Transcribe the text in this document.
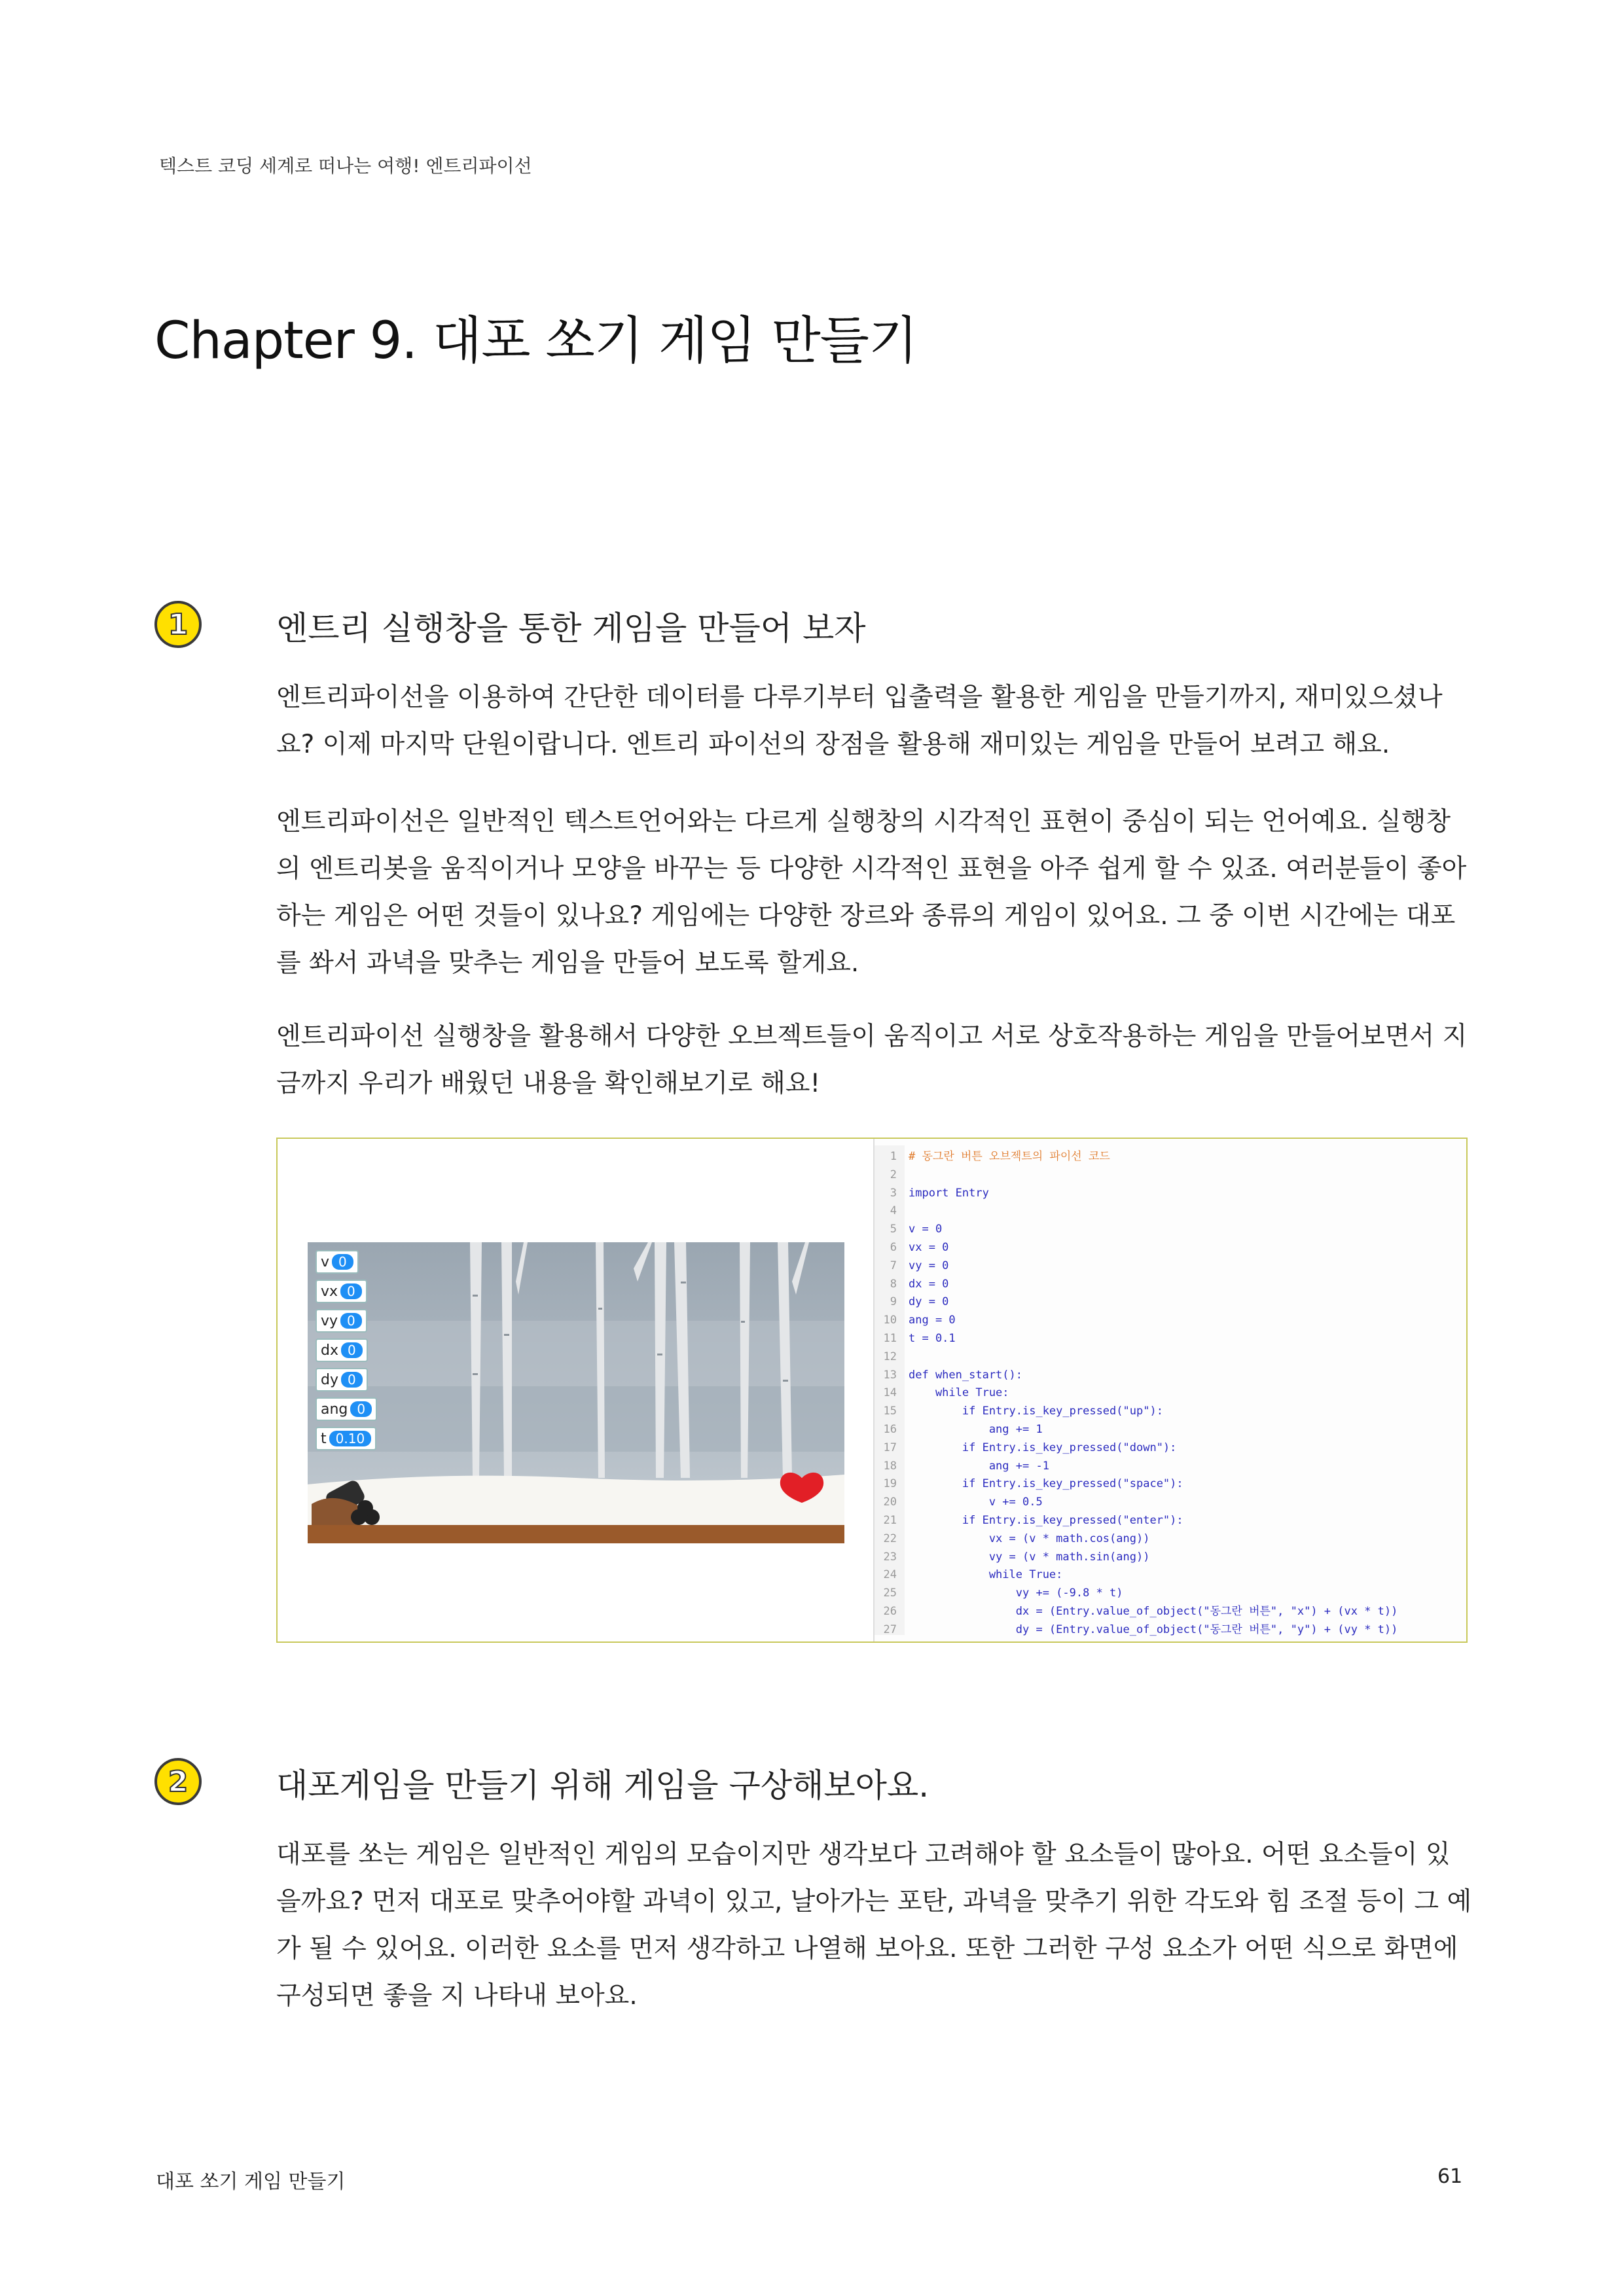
텍스트 코딩 세계로 떠나는 여행! 엔트리파이선
Chapter 9. 대포 쏘기 게임 만들기
1	엔트리 실행창을 통한 게임을 만들어 보자

엔트리파이선을 이용하여 간단한 데이터를 다루기부터 입출력을 활용한 게임을 만들기까지, 재미있으셨나요? 이제 마지막 단원이랍니다. 엔트리 파이선의 장점을 활용해 재미있는 게임을 만들어 보려고 해요.

엔트리파이선은 일반적인 텍스트언어와는 다르게 실행창의 시각적인 표현이 중심이 되는 언어예요. 실행창의 엔트리봇을 움직이거나 모양을 바꾸는 등 다양한 시각적인 표현을 아주 쉽게 할 수 있죠. 여러분들이 좋아하는 게임은 어떤 것들이 있나요? 게임에는 다양한 장르와 종류의 게임이 있어요. 그 중 이번 시간에는 대포를 쏴서 과녁을 맞추는 게임을 만들어 보도록 할게요.

엔트리파이선 실행창을 활용해서 다양한 오브젝트들이 움직이고 서로 상호작용하는 게임을 만들어보면서 지금까지 우리가 배웠던 내용을 확인해보기로 해요!

v 0
vx 0
vy 0
dx 0
dy 0
ang 0
t 0.10
1 # 동그란 버튼 오브젝트의 파이선 코드
2
3 import Entry
4
5 v = 0
6 vx = 0
7 vy = 0
8 dx = 0
9 dy = 0
10 ang = 0
11 t = 0.1
12
13 def when_start():
14 while True:
15 if Entry.is_key_pressed("up"):
16 ang += 1
17 if Entry.is_key_pressed("down"):
18 ang += -1
19 if Entry.is_key_pressed("space"):
20 v += 0.5
21 if Entry.is_key_pressed("enter"):
22 vx = (v * math.cos(ang))
23 vy = (v * math.sin(ang))
24 while True:
25 vy += (-9.8 * t)
26 dx = (Entry.value_of_object("동그란 버튼", "x") + (vx * t))
27 dy = (Entry.value_of_object("동그란 버튼", "y") + (vy * t))
2	대포게임을 만들기 위해 게임을 구상해보아요.

대포를 쏘는 게임은 일반적인 게임의 모습이지만 생각보다 고려해야 할 요소들이 많아요. 어떤 요소들이 있을까요? 먼저 대포로 맞추어야할 과녁이 있고, 날아가는 포탄, 과녁을 맞추기 위한 각도와 힘 조절 등이 그 예가 될 수 있어요. 이러한 요소를 먼저 생각하고 나열해 보아요. 또한 그러한 구성 요소가 어떤 식으로 화면에 구성되면 좋을 지 나타내 보아요.

대포 쏘기 게임 만들기	61
